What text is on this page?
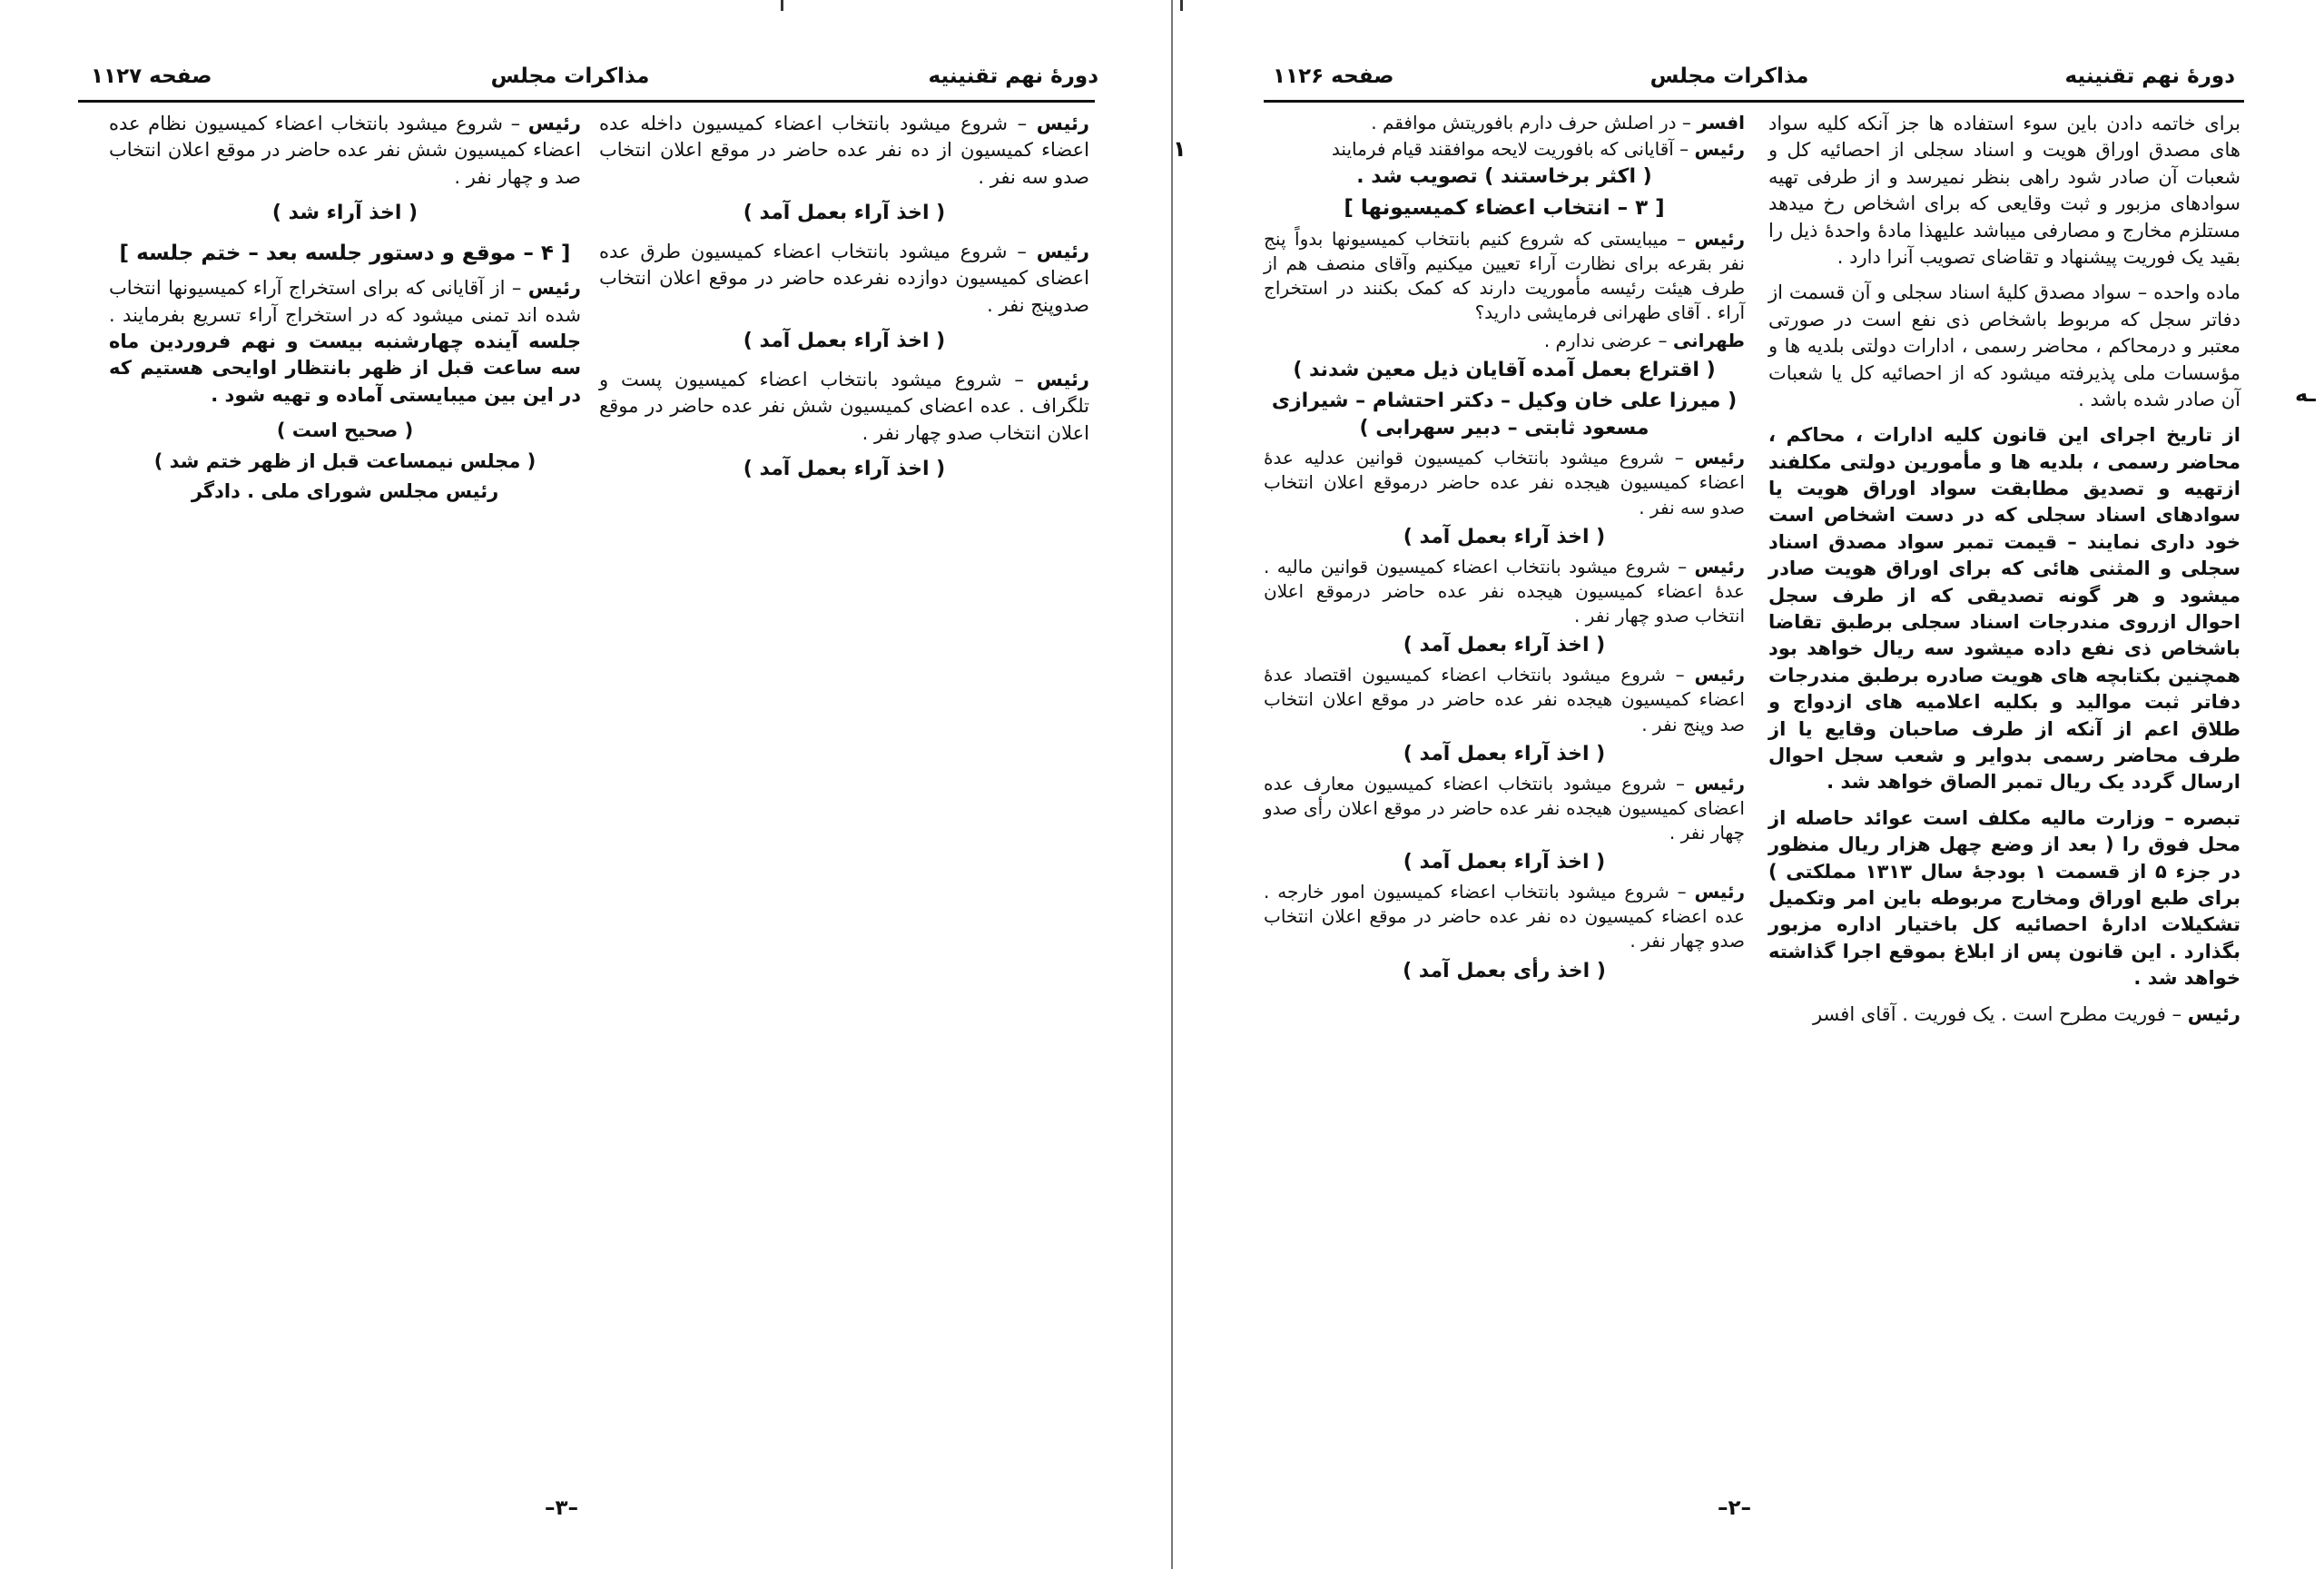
دورهٔ نهم تقنینیه
مذاکرات مجلس
صفحه ۱۱۲۷

رئیس – شروع میشود بانتخاب اعضاء کمیسیون داخله عده اعضاء کمیسیون از ده نفر عده حاضر در موقع اعلان انتخاب صدو سه نفر .

( اخذ آراء بعمل آمد )

رئیس – شروع میشود بانتخاب اعضاء کمیسیون طرق عده اعضای کمیسیون دوازده نفرعده حاضر در موقع اعلان انتخاب صدوپنج نفر .

( اخذ آراء بعمل آمد )

رئیس – شروع میشود بانتخاب اعضاء کمیسیون پست و تلگراف . عده اعضای کمیسیون شش نفر عده حاضر در موقع اعلان انتخاب صدو چهار نفر .

( اخذ آراء بعمل آمد )

رئیس – شروع میشود بانتخاب اعضاء کمیسیون نظام عده اعضاء کمیسیون شش نفر عده حاضر در موقع اعلان انتخاب صد و چهار نفر .

( اخذ آراء شد )

[ ۴ – موقع و دستور جلسه بعد – ختم جلسه ]

رئیس – از آقایانی که برای استخراج آراء کمیسیونها انتخاب شده اند تمنی میشود که در استخراج آراء تسریع بفرمایند . جلسه آینده چهارشنبه بیست و نهم فروردین ماه سه ساعت قبل از ظهر بانتظار اوایحی هستیم که در این بین میبایستی آماده و تهیه شود .

( صحیح است )

( مجلس نیمساعت قبل از ظهر ختم شد )

رئیس مجلس شورای ملی . دادگر

–۳–
دورهٔ نهم تقنینیه
مذاکرات مجلس
صفحه ۱۱۲۶

برای خاتمه دادن باین سوء استفاده ها جز آنکه کلیه سواد های مصدق اوراق هویت و اسناد سجلی از احصائیه کل و شعبات آن صادر شود راهی بنظر نمیرسد و از طرفی تهیه سوادهای مزبور و ثبت وقایعی که برای اشخاص رخ میدهد مستلزم مخارج و مصارفی میباشد علیهذا مادهٔ واحدهٔ ذیل را بقید یک فوریت پیشنهاد و تقاضای تصویب آنرا دارد .

ماده واحده – سواد مصدق کلیهٔ اسناد سجلی و آن قسمت از دفاتر سجل که مربوط باشخاص ذی نفع است در صورتی معتبر و درمحاکم ، محاضر رسمی ، ادارات دولتی بلدیه ها و مؤسسات ملی پذیرفته میشود که از احصائیه کل یا شعبات آن صادر شده باشد .

از تاریخ اجرای این قانون کلیه ادارات ، محاکم ، محاضر رسمی ، بلدیه ها و مأمورین دولتی مکلفند ازتهیه و تصدیق مطابقت سواد اوراق هویت یا سوادهای اسناد سجلی که در دست اشخاص است خود داری نمایند – قیمت تمبر سواد مصدق اسناد سجلی و المثنی هائی که برای اوراق هویت صادر میشود و هر گونه تصدیقی که از طرف سجل احوال ازروی مندرجات اسناد سجلی برطبق تقاضا باشخاص ذی نفع داده میشود سه ریال خواهد بود همچنین بکتابچه های هویت صادره برطبق مندرجات دفاتر ثبت موالید و بکلیه اعلامیه های ازدواج و طلاق اعم از آنکه از طرف صاحبان وقایع یا از طرف محاضر رسمی بدوایر و شعب سجل احوال ارسال گردد یک ریال تمبر الصاق خواهد شد .

تبصره – وزارت مالیه مکلف است عوائد حاصله از محل فوق را ( بعد از وضع چهل هزار ریال منظور در جزء ۵ از قسمت ۱ بودجهٔ سال ۱۳۱۳ مملکتی ) برای طبع اوراق ومخارج مربوطه باین امر وتکمیل تشکیلات ادارهٔ احصائیه کل باختیار اداره مزبور بگذارد . این قانون پس از ابلاغ بموقع اجرا گذاشته خواهد شد .

رئیس – فوریت مطرح است . یک فوریت . آقای افسر

افسر – در اصلش حرف دارم بافوریتش موافقم .

رئیس – آقایانی که بافوریت لایحه موافقند قیام فرمایند

( اکثر برخاستند ) تصویب شد .

[ ۳ – انتخاب اعضاء کمیسیونها ]

رئیس – میبایستی که شروع کنیم بانتخاب کمیسیونها بدواً پنج نفر بقرعه برای نظارت آراء تعیین میکنیم وآقای منصف هم از طرف هیئت رئیسه مأموریت دارند که کمک بکنند در استخراج آراء . آقای طهرانی فرمایشی دارید؟

طهرانی – عرضی ندارم .

( اقتراع بعمل آمده آقایان ذیل معین شدند )

( میرزا علی خان وکیل – دکتر احتشام – شیرازی مسعود ثابتی – دبیر سهرابی )

رئیس – شروع میشود بانتخاب کمیسیون قوانین عدلیه عدهٔ اعضاء کمیسیون هیجده نفر عده حاضر درموقع اعلان انتخاب صدو سه نفر .

( اخذ آراء بعمل آمد )

رئیس – شروع میشود بانتخاب اعضاء کمیسیون قوانین مالیه . عدهٔ اعضاء کمیسیون هیجده نفر عده حاضر درموقع اعلان انتخاب صدو چهار نفر .

( اخذ آراء بعمل آمد )

رئیس – شروع میشود بانتخاب اعضاء کمیسیون اقتصاد عدهٔ اعضاء کمیسیون هیجده نفر عده حاضر در موقع اعلان انتخاب صد وپنج نفر .

( اخذ آراء بعمل آمد )

رئیس – شروع میشود بانتخاب اعضاء کمیسیون معارف عده اعضای کمیسیون هیجده نفر عده حاضر در موقع اعلان رأی صدو چهار نفر .

( اخذ آراء بعمل آمد )

رئیس – شروع میشود بانتخاب اعضاء کمیسیون امور خارجه . عده اعضاء کمیسیون ده نفر عده حاضر در موقع اعلان انتخاب صدو چهار نفر .

( اخذ رأی بعمل آمد )

–۲–
۱
ـه
